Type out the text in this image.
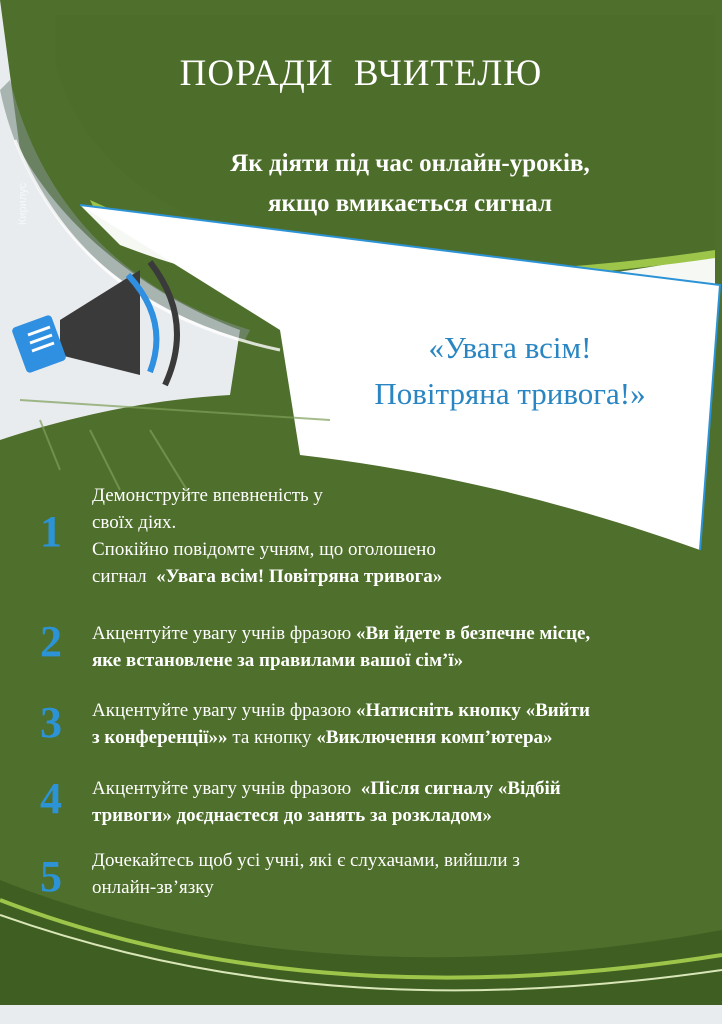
Кирилус
ПОРАДИ ВЧИТЕЛЮ
Як діяти під час онлайн-уроків,
якщо вмикається сигнал
«Увага всім!
Повітряна тривога!»
1
Демонструйте впевненість у
своїх діях.
Спокійно повідомте учням, що оголошено
сигнал  «Увага всім! Повітряна тривога»
2 Акцентуйте увагу учнів фразою «Ви йдете в безпечне місце,
яке встановлене за правилами вашої сім’ї»
3 Акцентуйте увагу учнів фразою «Натисніть кнопку «Вийти
з конференції»» та кнопку «Виключення комп’ютера»
4 Акцентуйте увагу учнів фразою  «Після сигналу «Відбій
тривоги» доєднаєтеся до занять за розкладом»
5 Дочекайтесь щоб усі учні, які є слухачами, вийшли з
онлайн-зв’язку
